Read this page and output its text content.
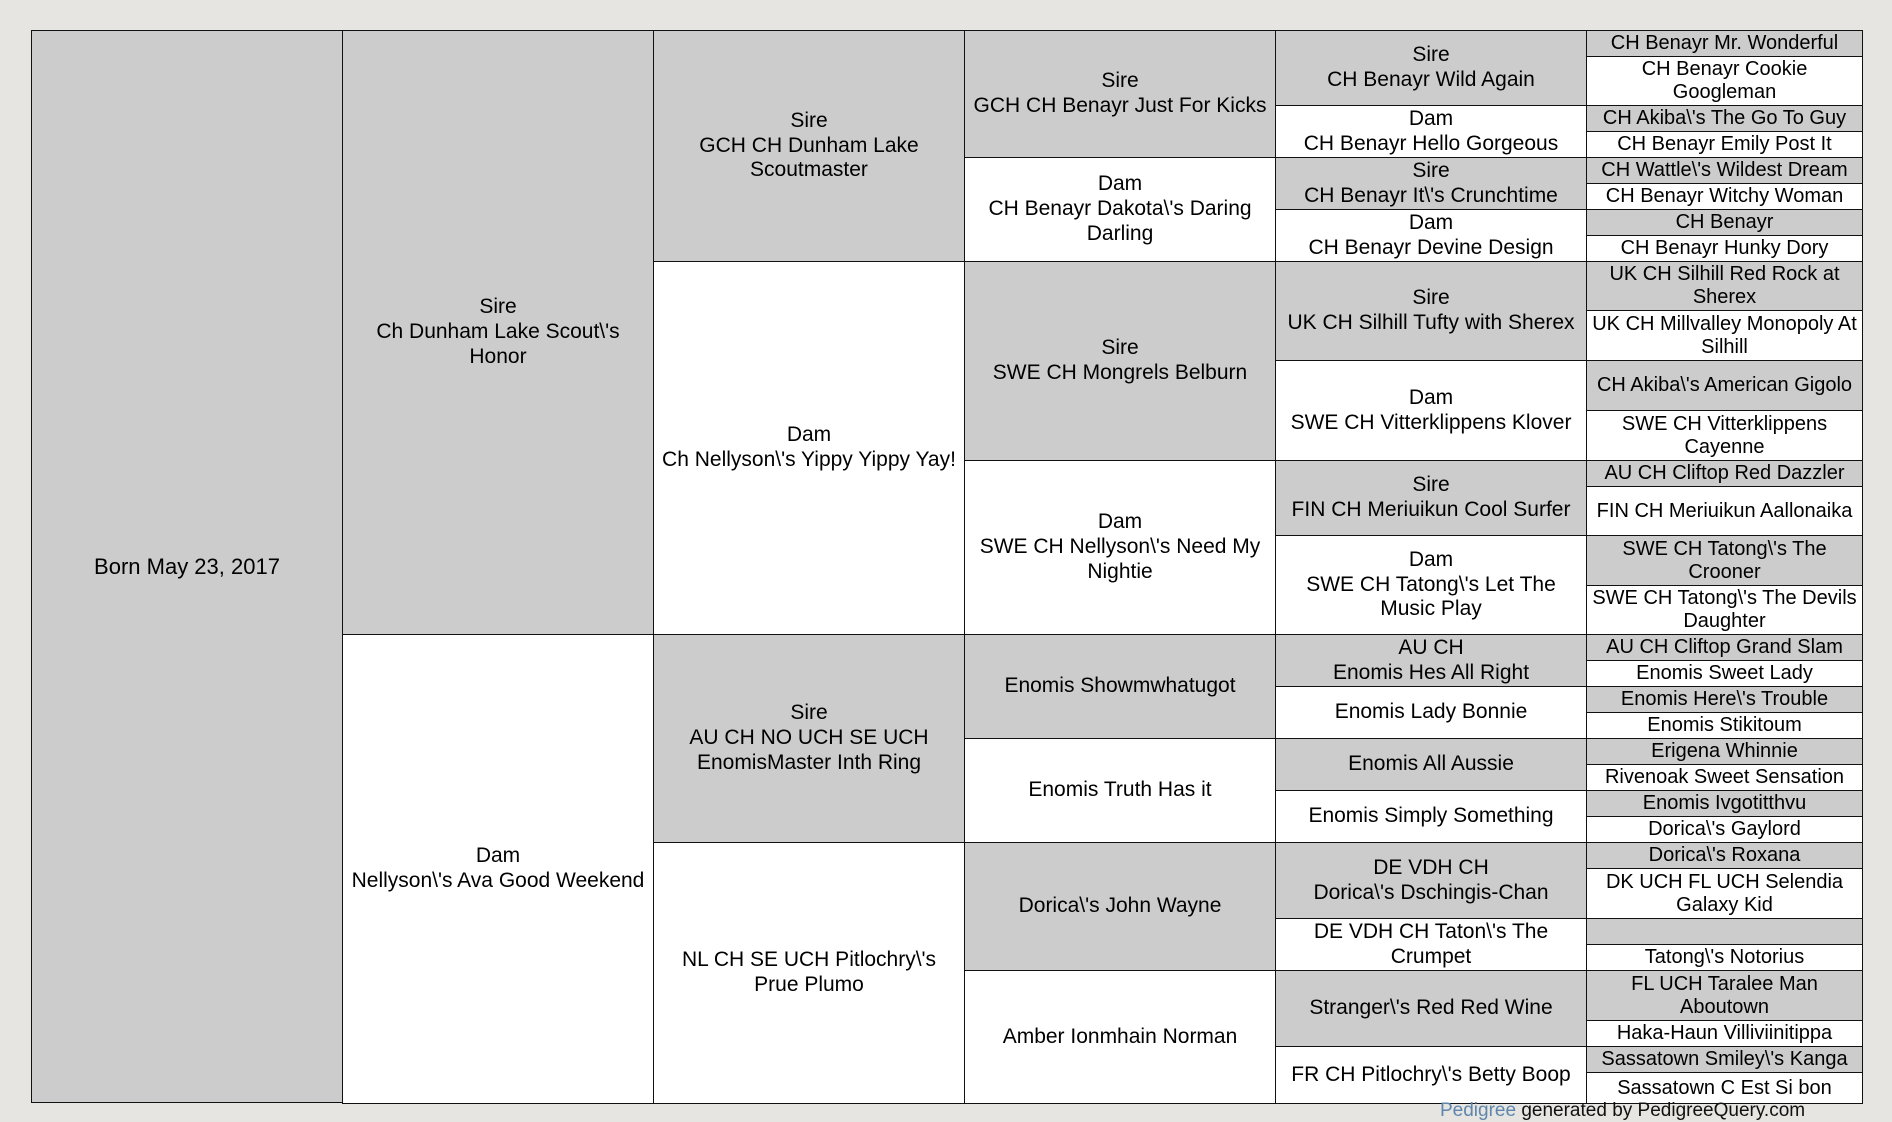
Born May 23, 2017
Sire
Ch Dunham Lake Scout\'s Honor
Dam
Nellyson\'s Ava Good Weekend
Sire
GCH CH Dunham Lake Scoutmaster
Dam
Ch Nellyson\'s Yippy Yippy Yay!
Sire
AU CH NO UCH SE UCH EnomisMaster Inth Ring
NL CH SE UCH Pitlochry\'s Prue Plumo
Sire
GCH CH Benayr Just For Kicks
Dam
CH Benayr Dakota\'s Daring Darling
Sire
SWE CH Mongrels Belburn
Dam
SWE CH Nellyson\'s Need My Nightie
Enomis Showmwhatugot
Enomis Truth Has it
Dorica\'s John Wayne
Amber Ionmhain Norman
Sire
CH Benayr Wild Again
Dam
CH Benayr Hello Gorgeous
Sire
CH Benayr It\'s Crunchtime
Dam
CH Benayr Devine Design
Sire
UK CH Silhill Tufty with Sherex
Dam
SWE CH Vitterklippens Klover
Sire
FIN CH Meriuikun Cool Surfer
Dam
SWE CH Tatong\'s Let The Music Play
AU CH
Enomis Hes All Right
Enomis Lady Bonnie
Enomis All Aussie
Enomis Simply Something
DE VDH CH
Dorica\'s Dschingis-Chan
DE VDH CH Taton\'s The Crumpet
Stranger\'s Red Red Wine
FR CH Pitlochry\'s Betty Boop
CH Benayr Mr. Wonderful
CH Benayr Cookie Googleman
CH Akiba\'s The Go To Guy
CH Benayr Emily Post It
CH Wattle\'s Wildest Dream
CH Benayr Witchy Woman
CH Benayr
CH Benayr Hunky Dory
UK CH Silhill Red Rock at Sherex
UK CH Millvalley Monopoly At Silhill
CH Akiba\'s American Gigolo
SWE CH Vitterklippens Cayenne
AU CH Cliftop Red Dazzler
FIN CH Meriuikun Aallonaika
SWE CH Tatong\'s The Crooner
SWE CH Tatong\'s The Devils Daughter
AU CH Cliftop Grand Slam
Enomis Sweet Lady
Enomis Here\'s Trouble
Enomis Stikitoum
Erigena Whinnie
Rivenoak Sweet Sensation
Enomis Ivgotitthvu
Dorica\'s Gaylord
Dorica\'s Roxana
DK UCH FL UCH Selendia Galaxy Kid
Tatong\'s Notorius
FL UCH Taralee Man Aboutown
Haka-Haun Villiviinitippa
Sassatown Smiley\'s Kanga
Sassatown C Est Si bon
Pedigree generated by PedigreeQuery.com
